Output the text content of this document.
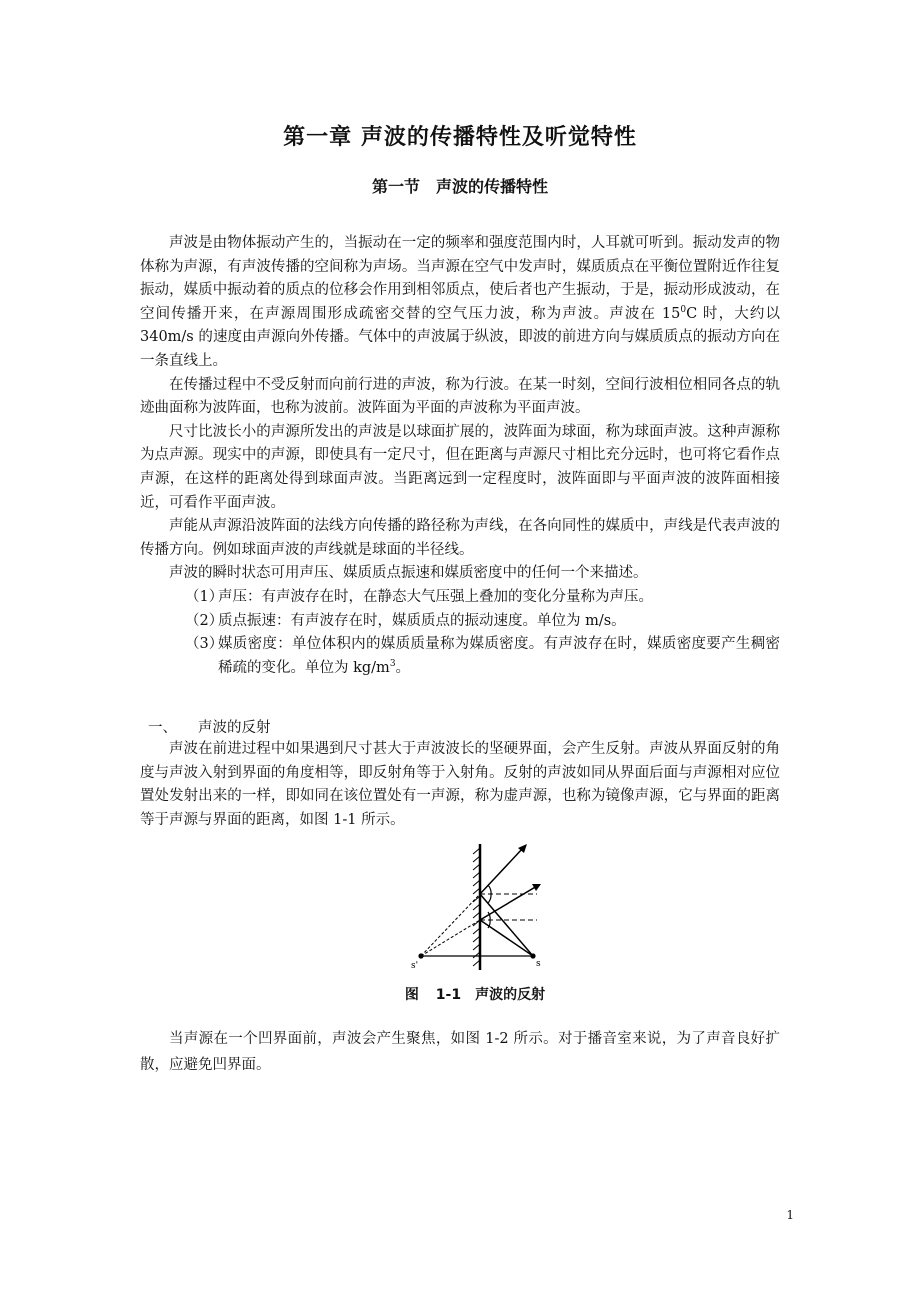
第一章 声波的传播特性及听觉特性
第一节　声波的传播特性

声波是由物体振动产生的，当振动在一定的频率和强度范围内时，人耳就可听到。振动发声的物体称为声源，有声波传播的空间称为声场。当声源在空气中发声时，媒质质点在平衡位置附近作往复振动，媒质中振动着的质点的位移会作用到相邻质点，使后者也产生振动，于是，振动形成波动，在空间传播开来，在声源周围形成疏密交替的空气压力波，称为声波。声波在 $15^0C$ 时，大约以 340m/s 的速度由声源向外传播。气体中的声波属于纵波，即波的前进方向与媒质质点的振动方向在一条直线上。

在传播过程中不受反射而向前行进的声波，称为行波。在某一时刻，空间行波相位相同各点的轨迹曲面称为波阵面，也称为波前。波阵面为平面的声波称为平面声波。

尺寸比波长小的声源所发出的声波是以球面扩展的，波阵面为球面，称为球面声波。这种声源称为点声源。现实中的声源，即使具有一定尺寸，但在距离与声源尺寸相比充分远时，也可将它看作点声源，在这样的距离处得到球面声波。当距离远到一定程度时，波阵面即与平面声波的波阵面相接近，可看作平面声波。

声能从声源沿波阵面的法线方向传播的路径称为声线，在各向同性的媒质中，声线是代表声波的传播方向。例如球面声波的声线就是球面的半径线。

声波的瞬时状态可用声压、媒质质点振速和媒质密度中的任何一个来描述。

（1）
声压：有声波存在时，在静态大气压强上叠加的变化分量称为声压。

（2）
质点振速：有声波存在时，媒质质点的振动速度。单位为 m/s。

（3）
媒质密度：单位体积内的媒质质量称为媒质密度。有声波存在时，媒质密度要产生稠密稀疏的变化。单位为 $kg/m^3$。

一、 声波的反射

声波在前进过程中如果遇到尺寸甚大于声波波长的坚硬界面，会产生反射。声波从界面反射的角度与声波入射到界面的角度相等，即反射角等于入射角。反射的声波如同从界面后面与声源相对应位置处发射出来的一样，即如同在该位置处有一声源，称为虚声源，也称为镜像声源，它与界面的距离等于声源与界面的距离，如图 1-1 所示。

s'	s
图 1-1　声波的反射

当声源在一个凹界面前，声波会产生聚焦，如图 1-2 所示。对于播音室来说，为了声音良好扩散，应避免凹界面。

1
